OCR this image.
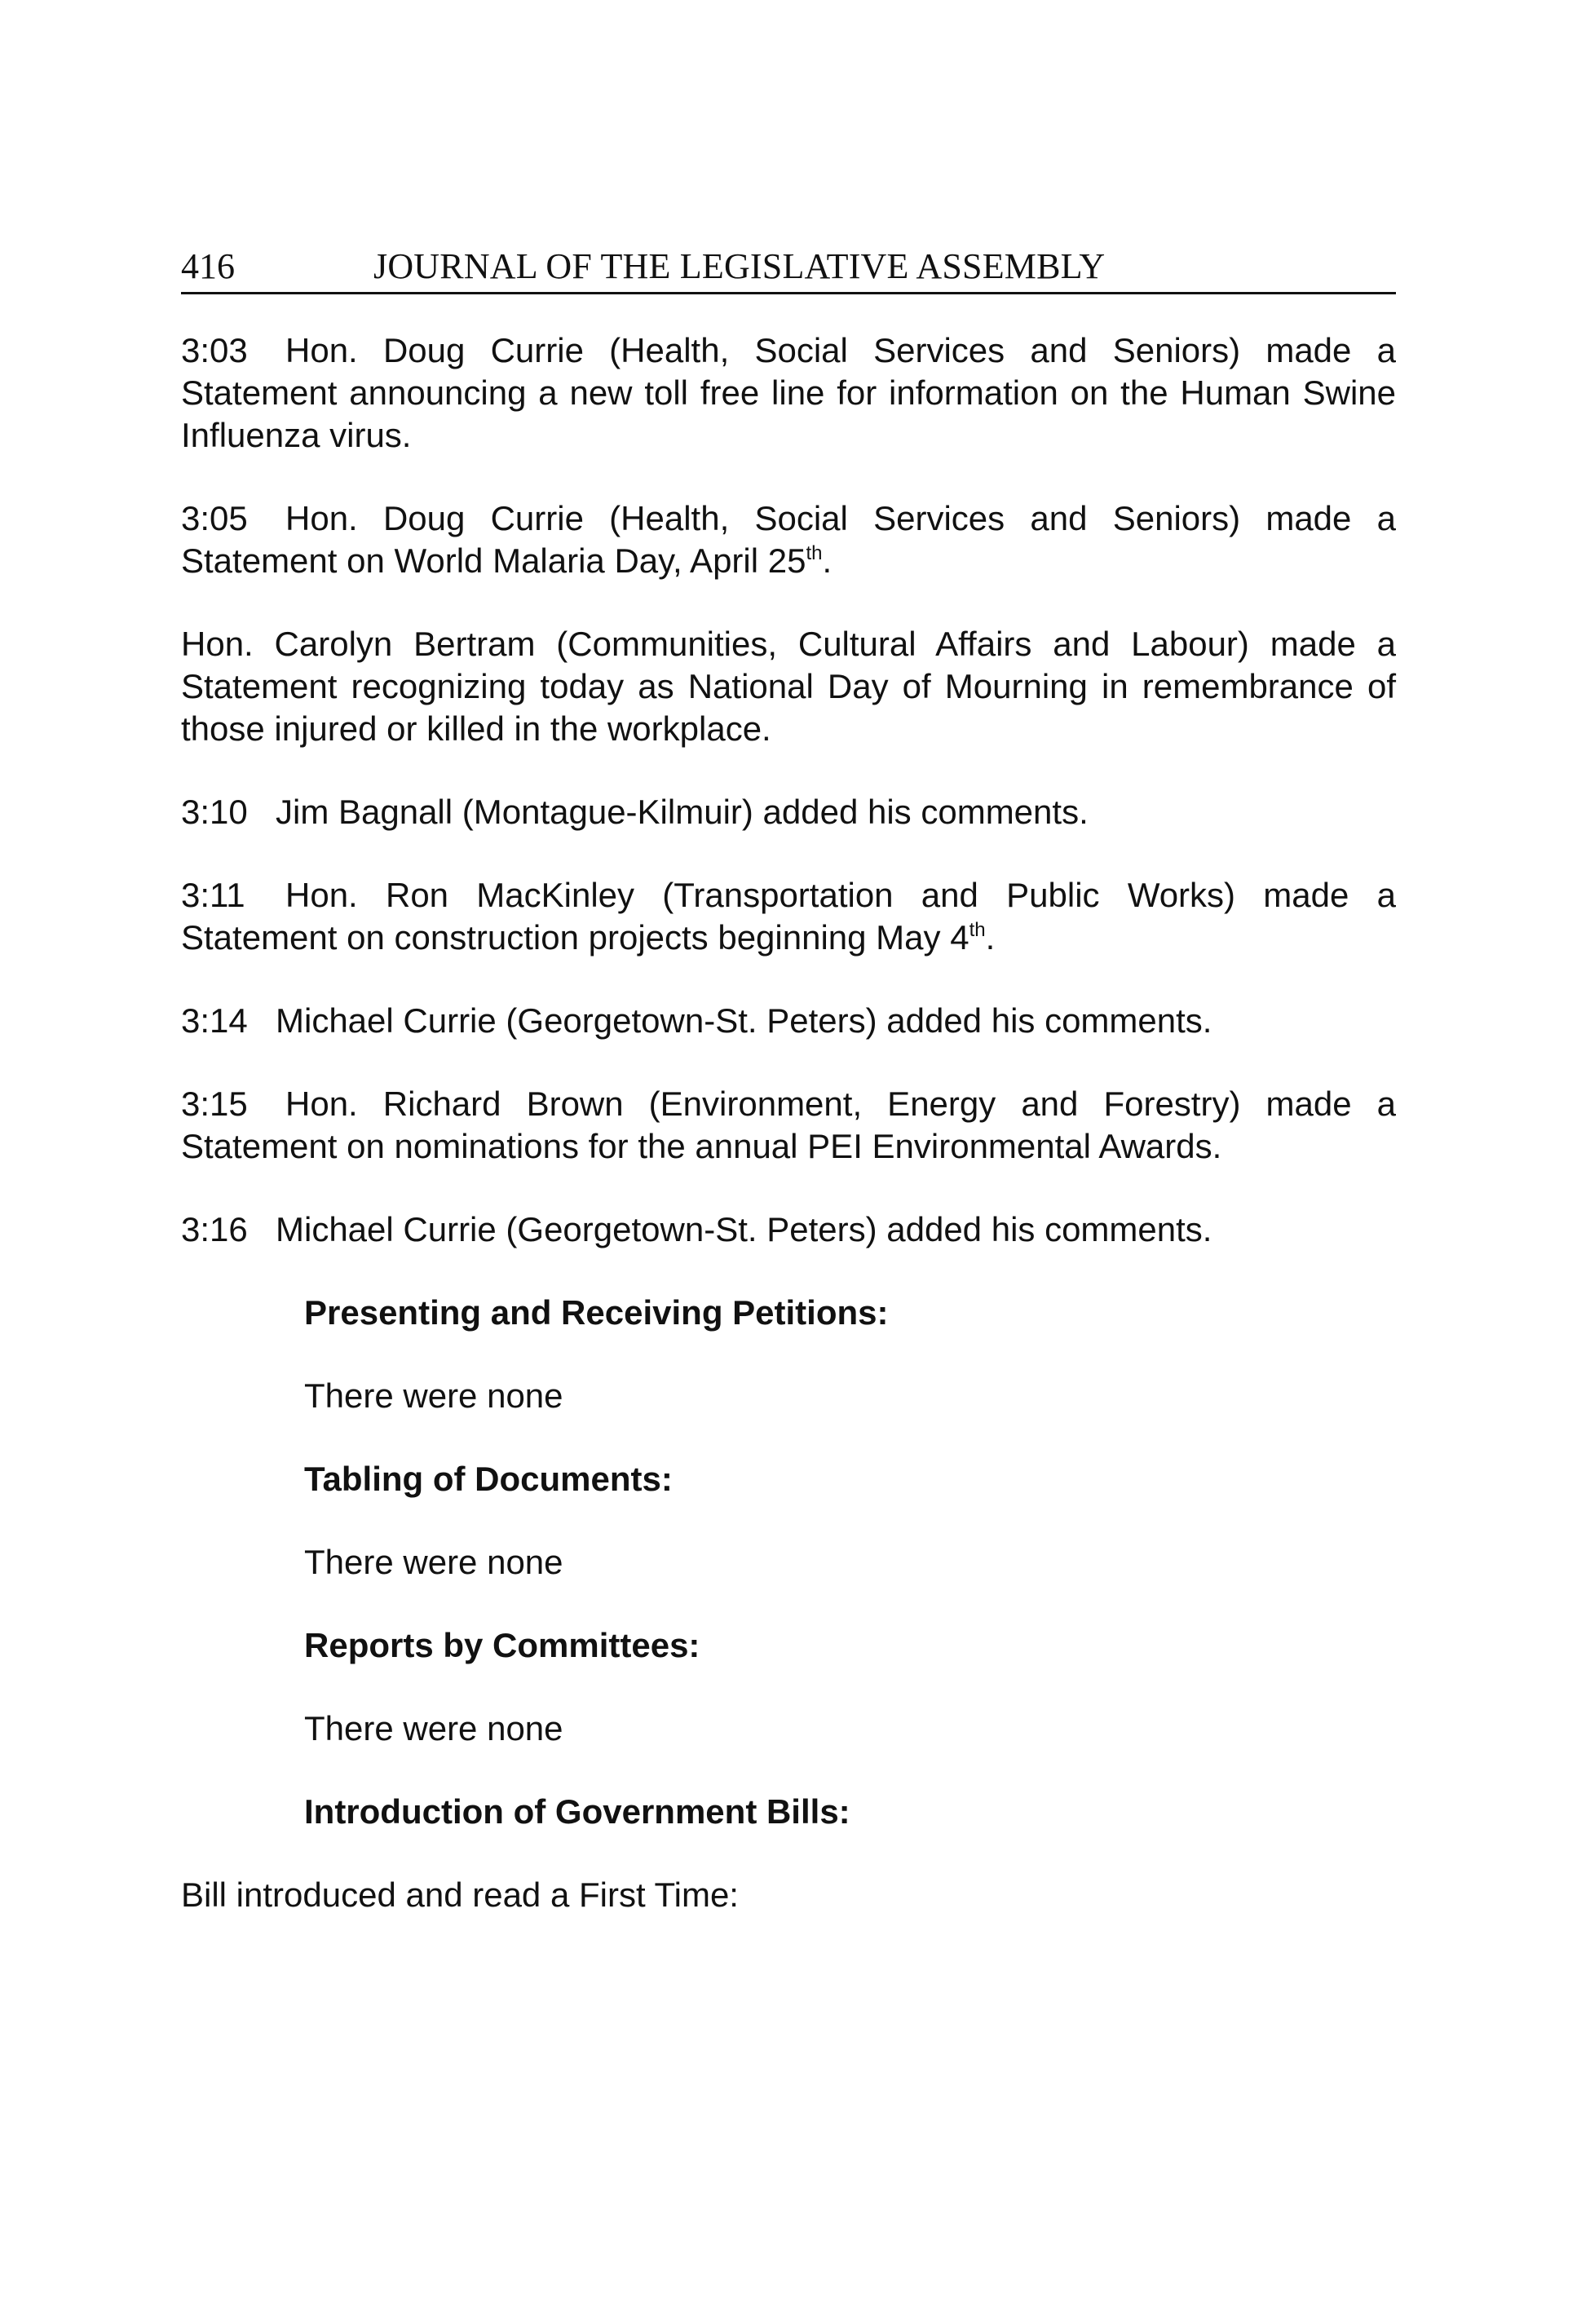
416	JOURNAL OF THE LEGISLATIVE ASSEMBLY

3:03 Hon. Doug Currie (Health, Social Services and Seniors) made a Statement announcing a new toll free line for information on the Human Swine Influenza virus.

3:05 Hon. Doug Currie (Health, Social Services and Seniors) made a Statement on World Malaria Day, April 25th.

Hon. Carolyn Bertram (Communities, Cultural Affairs and Labour) made a Statement recognizing today as National Day of Mourning in remembrance of those injured or killed in the workplace.

3:10 Jim Bagnall (Montague-Kilmuir) added his comments.

3:11 Hon. Ron MacKinley (Transportation and Public Works) made a Statement on construction projects beginning May 4th.

3:14 Michael Currie (Georgetown-St. Peters) added his comments.

3:15 Hon. Richard Brown (Environment, Energy and Forestry) made a Statement on nominations for the annual PEI Environmental Awards.

3:16 Michael Currie (Georgetown-St. Peters) added his comments.

Presenting and Receiving Petitions:

There were none

Tabling of Documents:

There were none

Reports by Committees:

There were none

Introduction of Government Bills:

Bill introduced and read a First Time:
